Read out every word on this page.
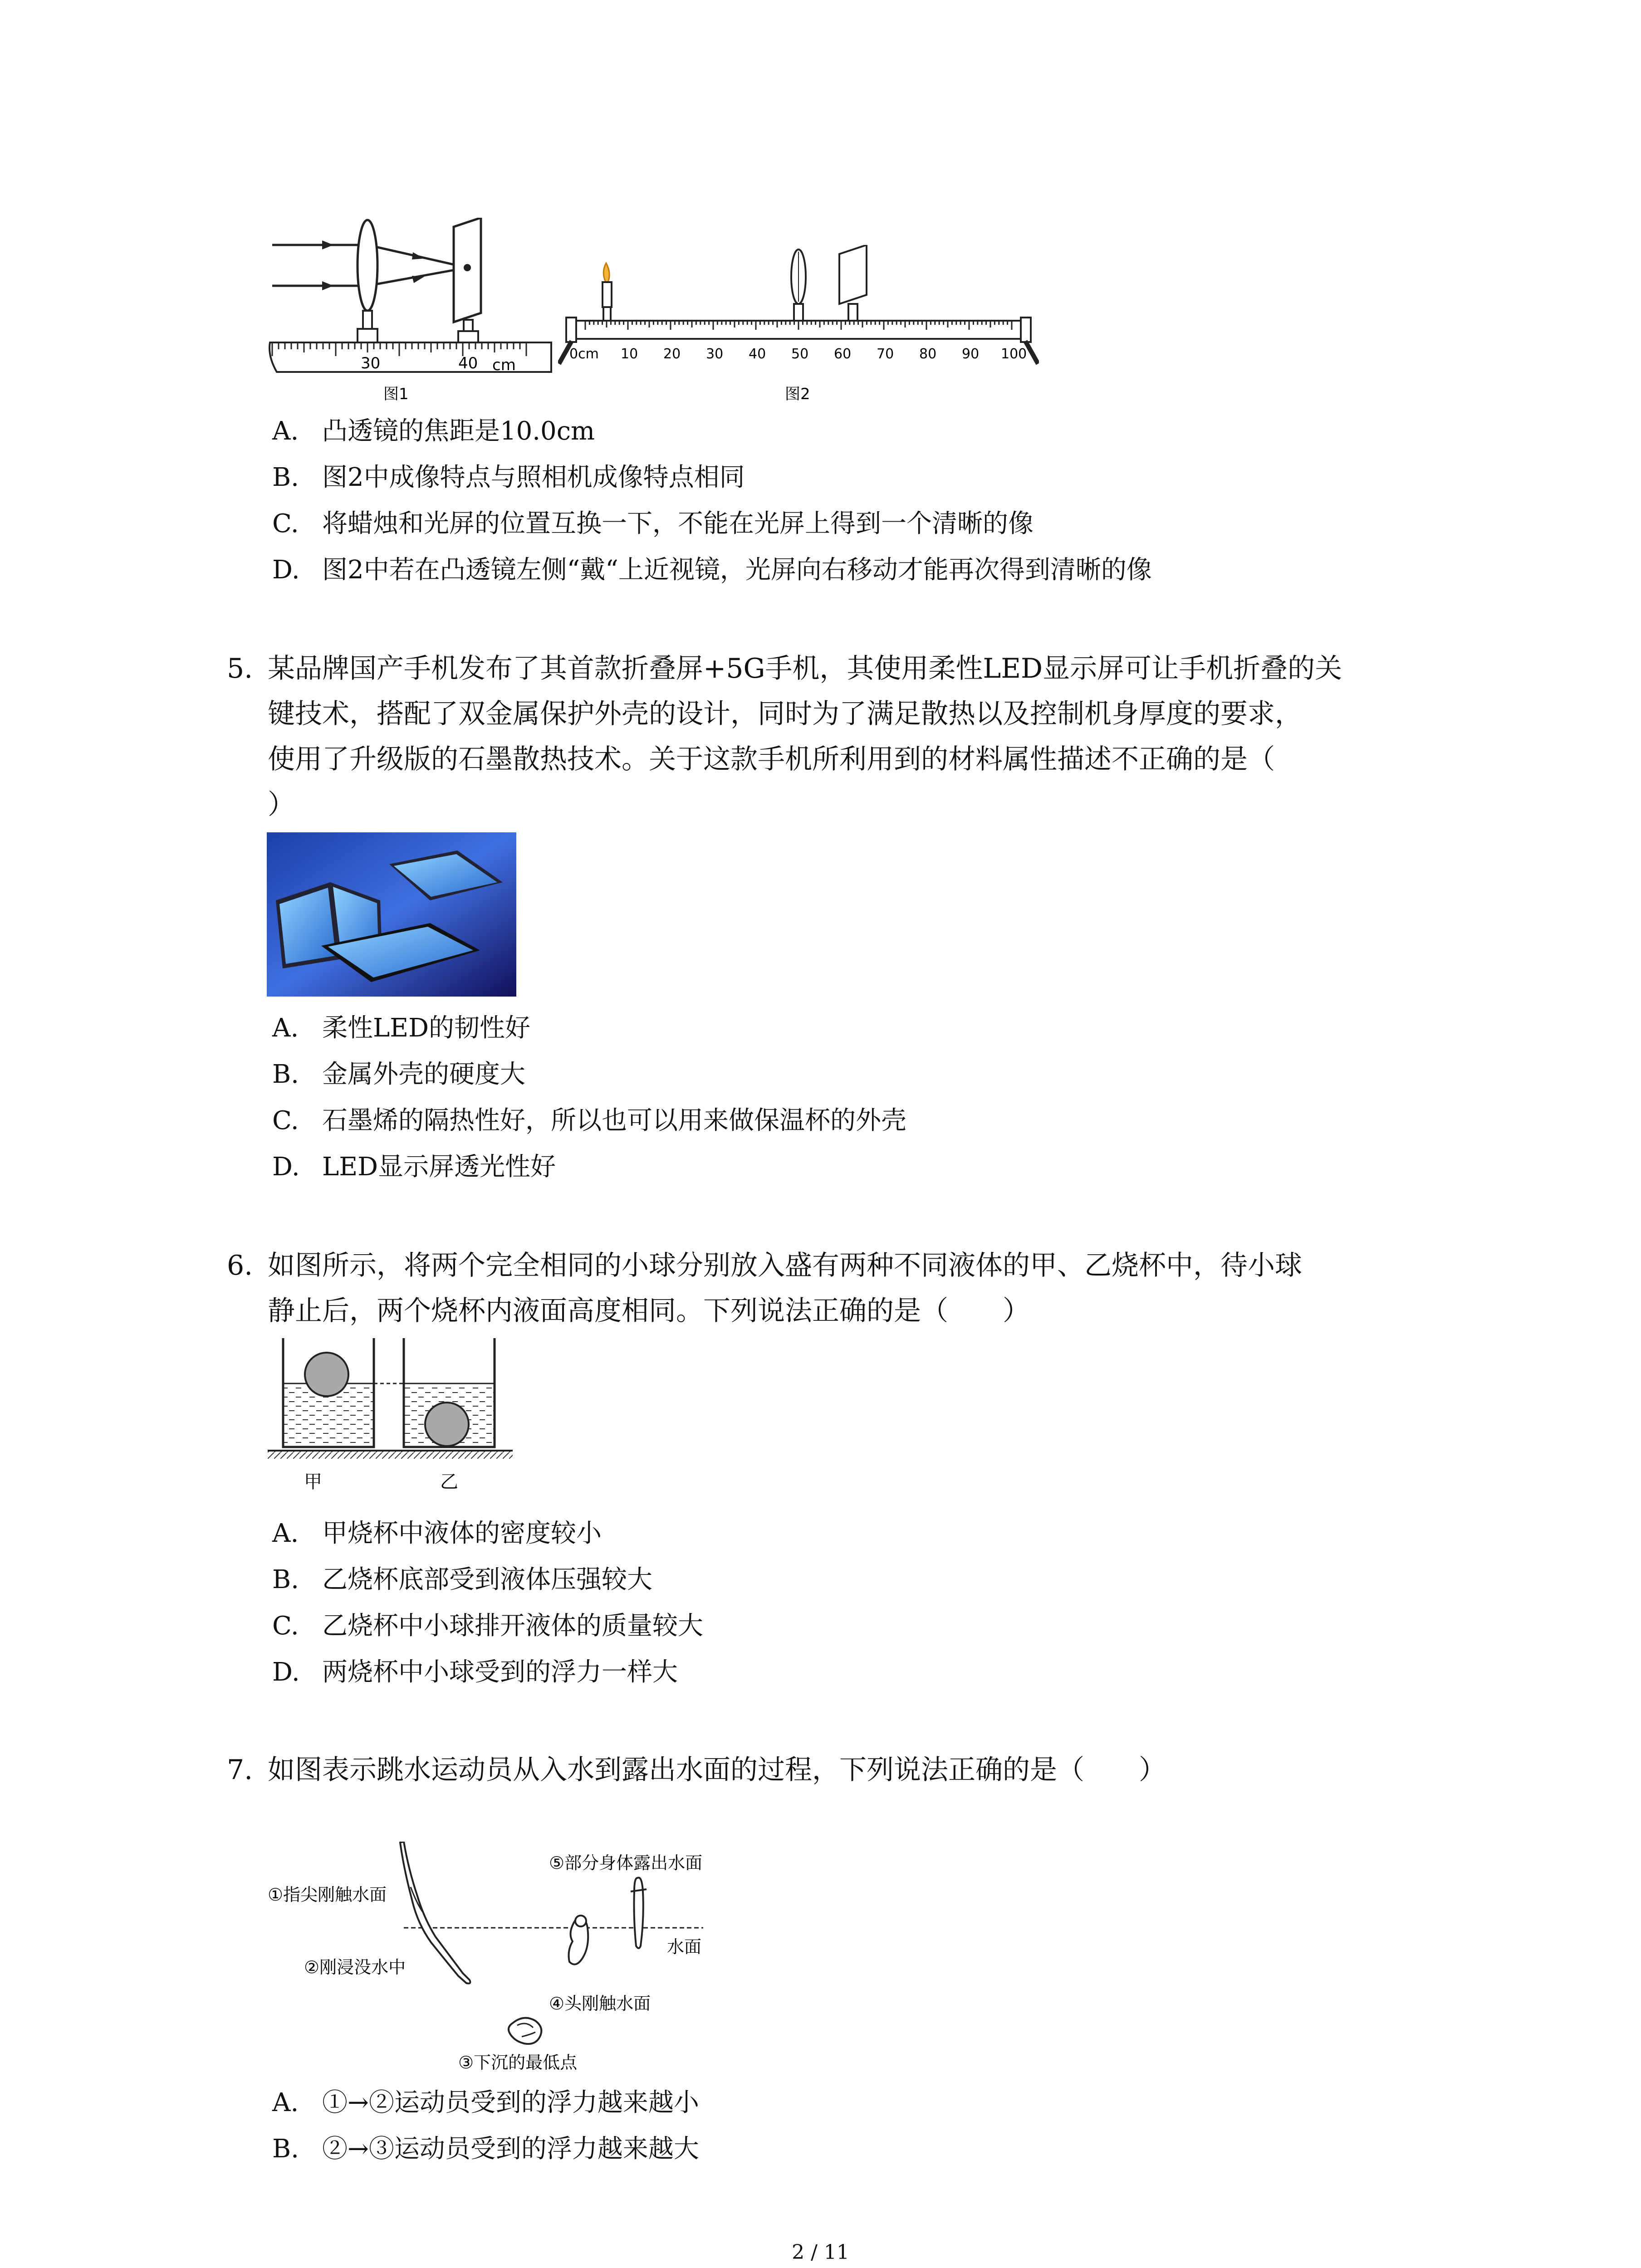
30	40 cm
图1
0cm 10 20 30 40 50 60 70 80 90 100
图2
A. 凸透镜的焦距是10.0cm
B. 图2中成像特点与照相机成像特点相同
C. 将蜡烛和光屏的位置互换一下，不能在光屏上得到一个清晰的像
D. 图2中若在凸透镜左侧“戴“上近视镜，光屏向右移动才能再次得到清晰的像
5. 某品牌国产手机发布了其首款折叠屏+5G手机，其使用柔性LED显示屏可让手机折叠的关
键技术，搭配了双金属保护外壳的设计，同时为了满足散热以及控制机身厚度的要求，
使用了升级版的石墨散热技术。关于这款手机所利用到的材料属性描述不正确的是（
）
A. 柔性LED的韧性好
B. 金属外壳的硬度大
C. 石墨烯的隔热性好，所以也可以用来做保温杯的外壳
D. LED显示屏透光性好
6. 如图所示，将两个完全相同的小球分别放入盛有两种不同液体的甲、乙烧杯中，待小球
静止后，两个烧杯内液面高度相同。下列说法正确的是（　　）
甲	乙
A. 甲烧杯中液体的密度较小
B. 乙烧杯底部受到液体压强较大
C. 乙烧杯中小球排开液体的质量较大
D. 两烧杯中小球受到的浮力一样大
7. 如图表示跳水运动员从入水到露出水面的过程，下列说法正确的是（　　）
①指尖刚触水面
②刚浸没水中
③下沉的最低点
④头刚触水面
⑤部分身体露出水面
水面
A. ①→②运动员受到的浮力越来越小
B. ②→③运动员受到的浮力越来越大
2 / 11
